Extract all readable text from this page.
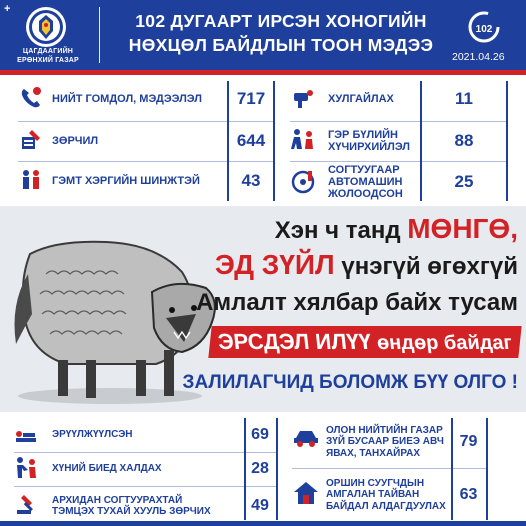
+
ЦАГДААГИЙН
ЕРӨНХИЙ ГАЗАР
102 ДУГААРТ ИРСЭН ХОНОГИЙН
НӨХЦӨЛ БАЙДЛЫН ТООН МЭДЭЭ
102
2021.04.26
НИЙТ ГОМДОЛ, МЭДЭЭЛЭЛ	717
ЗӨРЧИЛ	644
ГЭМТ ХЭРГИЙН ШИНЖТЭЙ	43
ХУЛГАЙЛАХ	11
ГЭР БҮЛИЙН
ХҮЧИРХИЙЛЭЛ	88
СОГТУУГААР
АВТОМАШИН
ЖОЛООДСОН
25
Хэн ч танд МӨНГӨ,
ЭД ЗҮЙЛ үнэгүй өгөхгүй
Амлалт хялбар байх тусам
ЭРСДЭЛ ИЛҮҮ өндөр байдаг
ЗАЛИЛАГЧИД БОЛОМЖ БҮҮ ОЛГО !
ЭРҮҮЛЖҮҮЛСЭН	69
ХҮНИЙ БИЕД ХАЛДАХ	28
АРХИДАН СОГТУУРАХТАЙ
ТЭМЦЭХ ТУХАЙ ХУУЛЬ ЗӨРЧИХ	49
ОЛОН НИЙТИЙН ГАЗАР
ЗҮЙ БУСААР БИЕЭ АВЧ
ЯВАХ, ТАНХАЙРАХ
79
ОРШИН СУУГЧДЫН
АМГАЛАН ТАЙВАН
БАЙДАЛ АЛДАГДУУЛАХ
63
